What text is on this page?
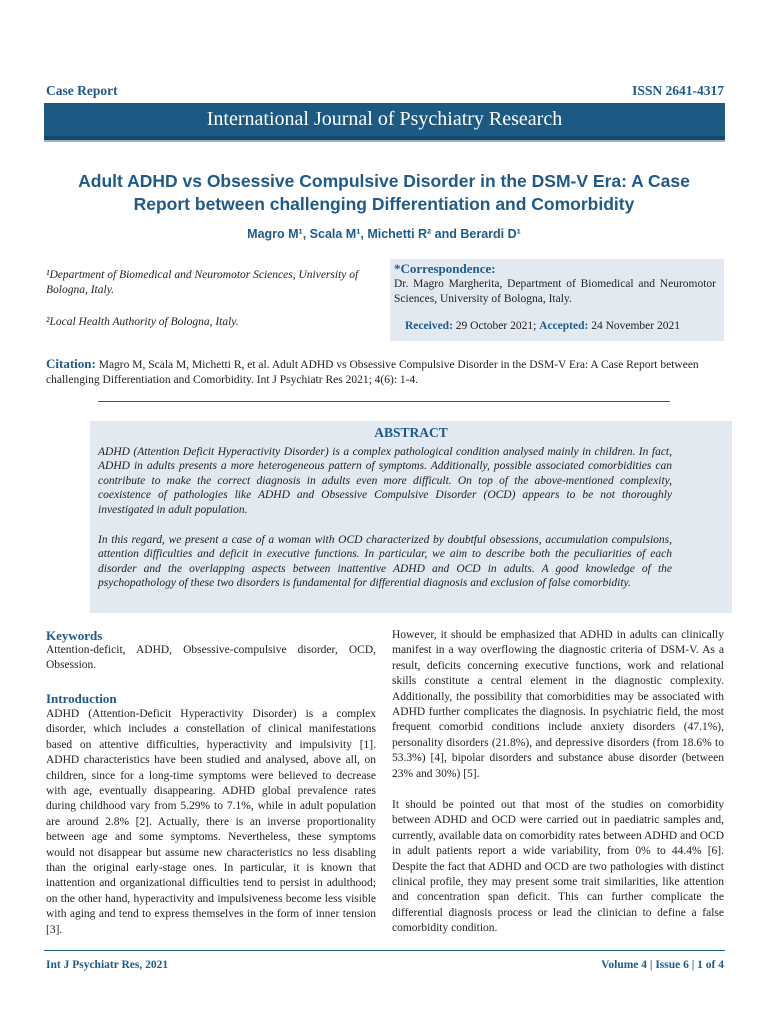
Case Report	ISSN 2641-4317
International Journal of Psychiatry Research
Adult ADHD vs Obsessive Compulsive Disorder in the DSM-V Era: A Case
Report between challenging Differentiation and Comorbidity
Magro M¹, Scala M¹, Michetti R² and Berardi D¹
¹Department of Biomedical and Neuromotor Sciences, University of Bologna, Italy.
²Local Health Authority of Bologna, Italy.
*Correspondence:
Dr. Magro Margherita, Department of Biomedical and Neuromotor Sciences, University of Bologna, Italy.
Received: 29 October 2021; Accepted: 24 November 2021
Citation: Magro M, Scala M, Michetti R, et al. Adult ADHD vs Obsessive Compulsive Disorder in the DSM-V Era: A Case Report between challenging Differentiation and Comorbidity. Int J Psychiatr Res 2021; 4(6): 1-4.
ABSTRACT
ADHD (Attention Deficit Hyperactivity Disorder) is a complex pathological condition analysed mainly in children. In fact, ADHD in adults presents a more heterogeneous pattern of symptoms. Additionally, possible associated comorbidities can contribute to make the correct diagnosis in adults even more difficult. On top of the above-mentioned complexity, coexistence of pathologies like ADHD and Obsessive Compulsive Disorder (OCD) appears to be not thoroughly investigated in adult population.
In this regard, we present a case of a woman with OCD characterized by doubtful obsessions, accumulation compulsions, attention difficulties and deficit in executive functions. In particular, we aim to describe both the peculiarities of each disorder and the overlapping aspects between inattentive ADHD and OCD in adults. A good knowledge of the psychopathology of these two disorders is fundamental for differential diagnosis and exclusion of false comorbidity.
Keywords
Attention-deficit, ADHD, Obsessive-compulsive disorder, OCD, Obsession.
Introduction
ADHD (Attention-Deficit Hyperactivity Disorder) is a complex disorder, which includes a constellation of clinical manifestations based on attentive difficulties, hyperactivity and impulsivity [1]. ADHD characteristics have been studied and analysed, above all, on children, since for a long-time symptoms were believed to decrease with age, eventually disappearing. ADHD global prevalence rates during childhood vary from 5.29% to 7.1%, while in adult population are around 2.8% [2]. Actually, there is an inverse proportionality between age and some symptoms. Nevertheless, these symptoms would not disappear but assume new characteristics no less disabling than the original early-stage ones. In particular, it is known that inattention and organizational difficulties tend to persist in adulthood; on the other hand, hyperactivity and impulsiveness become less visible with aging and tend to express themselves in the form of inner tension [3].
However, it should be emphasized that ADHD in adults can clinically manifest in a way overflowing the diagnostic criteria of DSM-V. As a result, deficits concerning executive functions, work and relational skills constitute a central element in the diagnostic complexity. Additionally, the possibility that comorbidities may be associated with ADHD further complicates the diagnosis. In psychiatric field, the most frequent comorbid conditions include anxiety disorders (47.1%), personality disorders (21.8%), and depressive disorders (from 18.6% to 53.3%) [4], bipolar disorders and substance abuse disorder (between 23% and 30%) [5].
It should be pointed out that most of the studies on comorbidity between ADHD and OCD were carried out in paediatric samples and, currently, available data on comorbidity rates between ADHD and OCD in adult patients report a wide variability, from 0% to 44.4% [6]. Despite the fact that ADHD and OCD are two pathologies with distinct clinical profile, they may present some trait similarities, like attention and concentration span deficit. This can further complicate the differential diagnosis process or lead the clinician to define a false comorbidity condition.
Int J Psychiatr Res, 2021	Volume 4 | Issue 6 | 1 of 4
